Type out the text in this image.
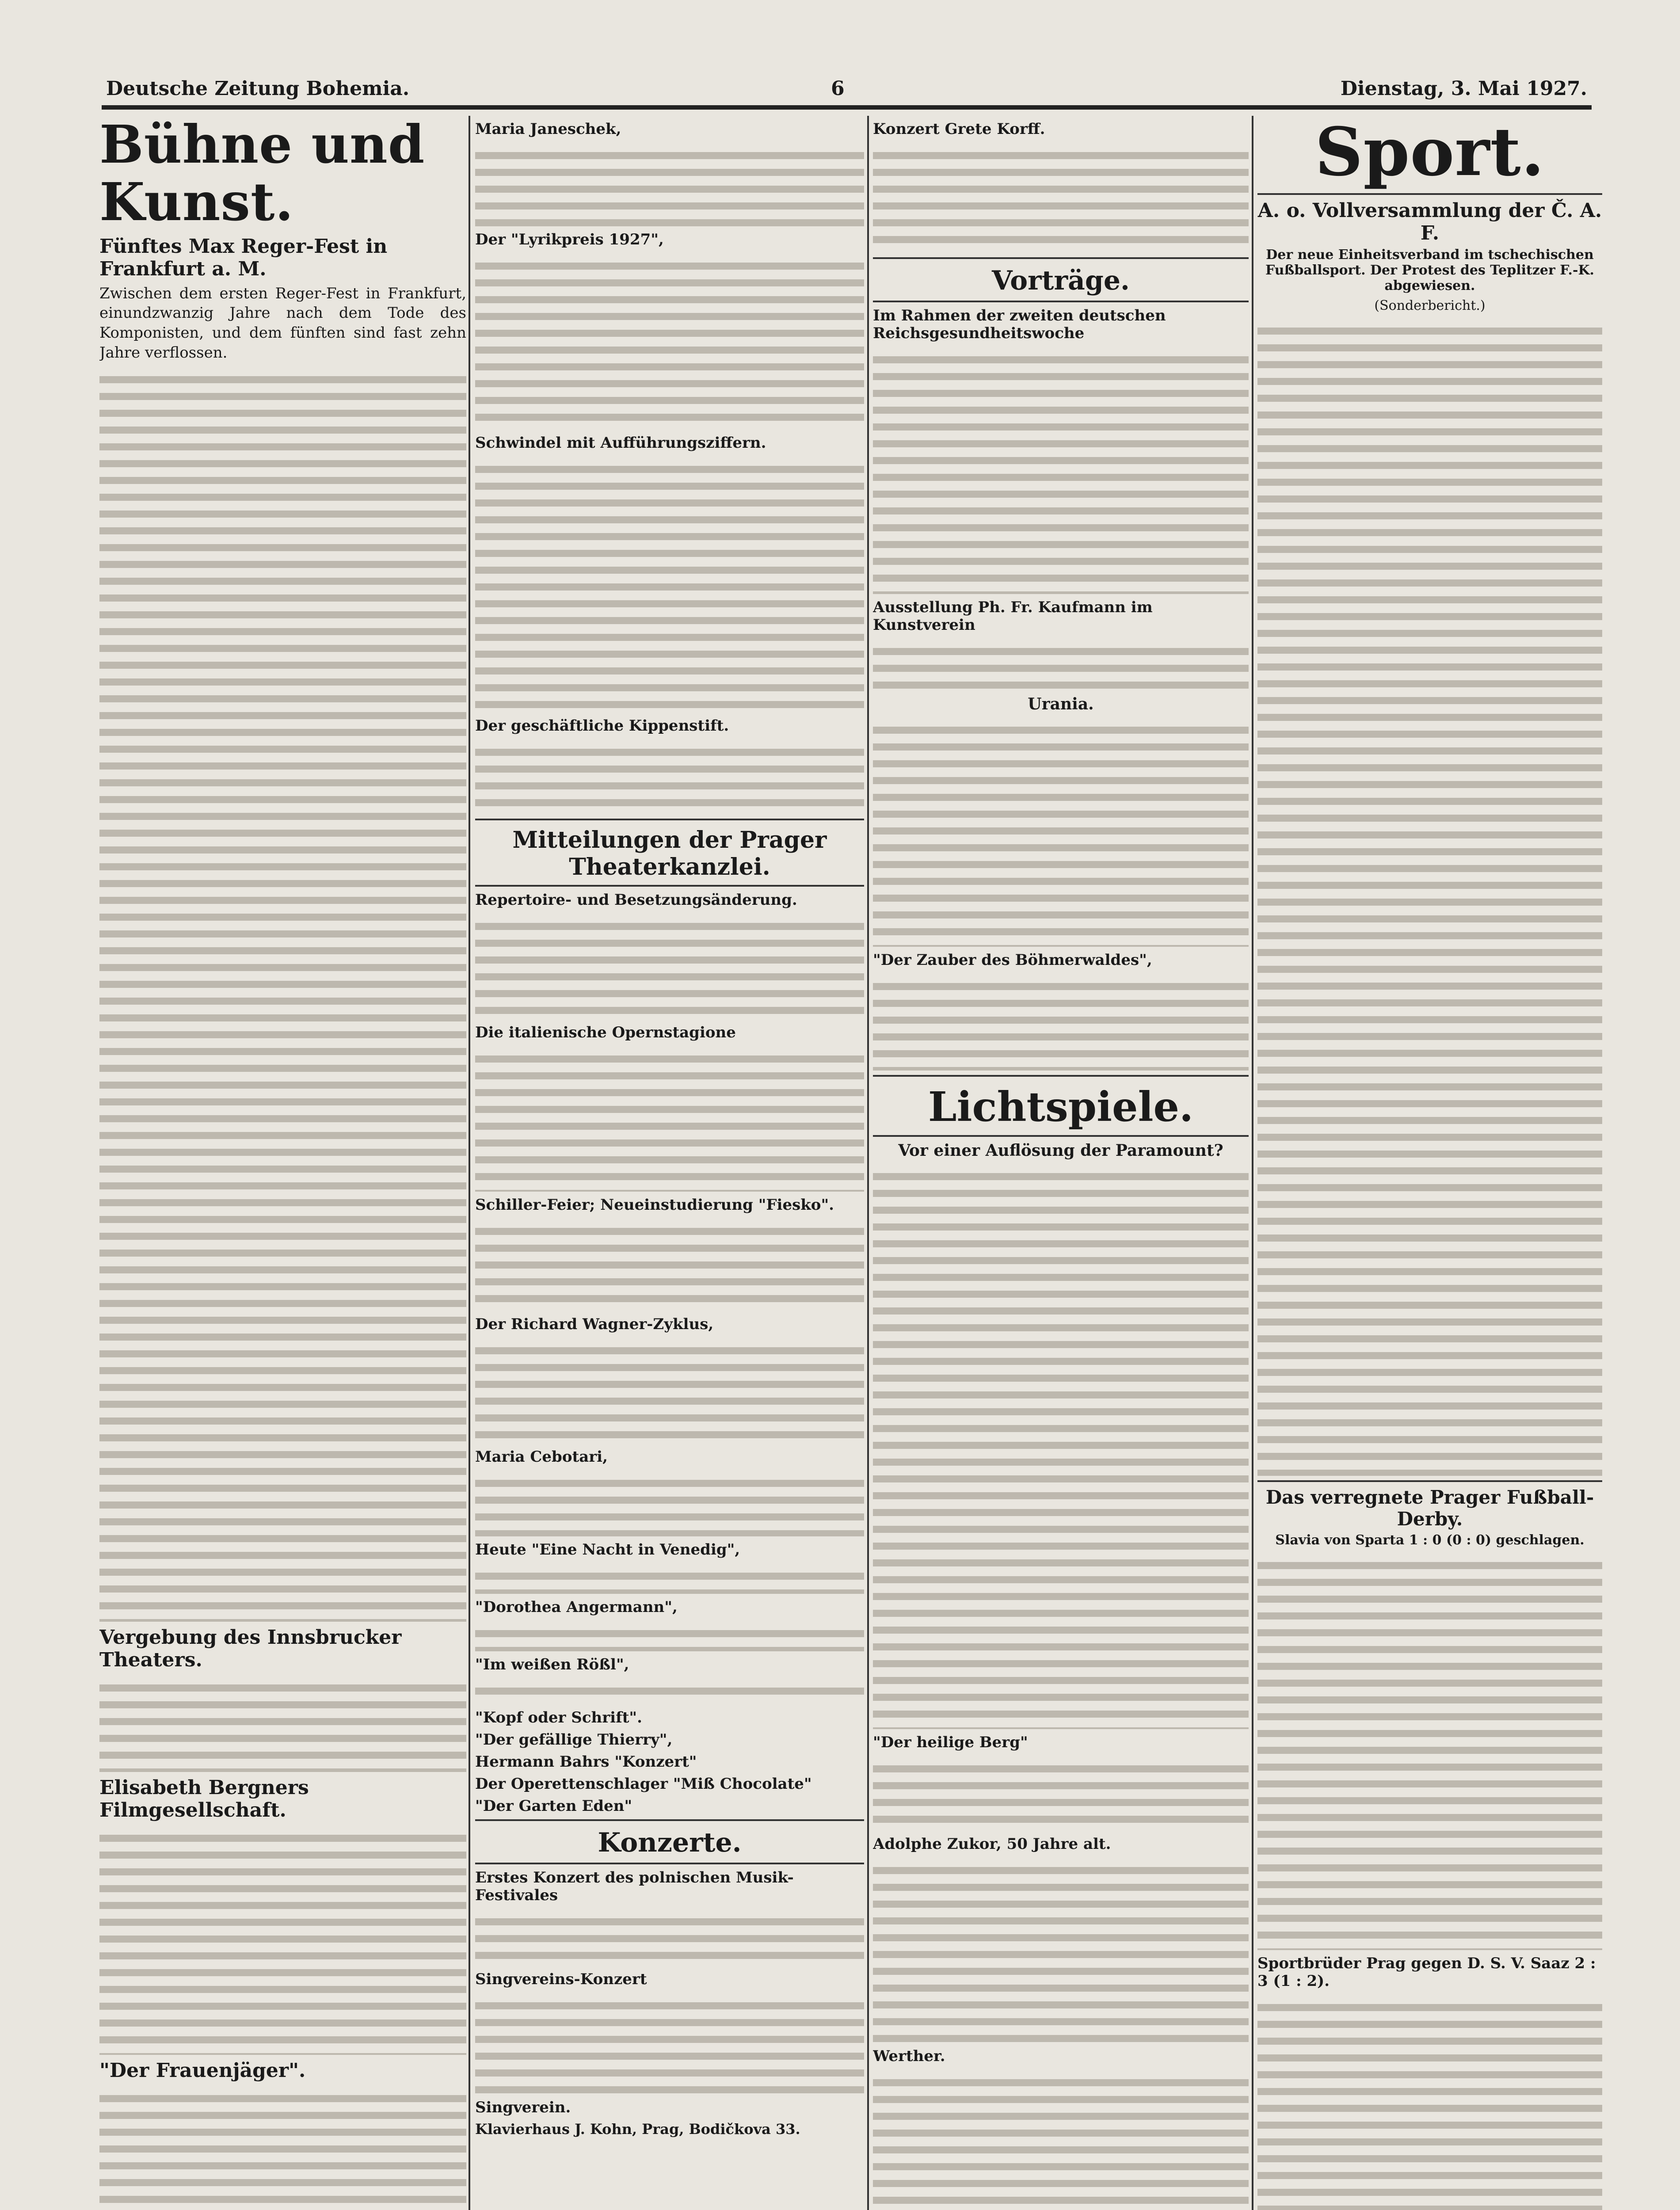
Deutsche Zeitung Bohemia.	6	Dienstag, 3. Mai 1927.
Bühne und Kunst.
Fünftes Max Reger-Fest in Frankfurt a. M.

Zwischen dem ersten Reger-Fest in Frankfurt, einundzwanzig Jahre nach dem Tode des Komponisten, und dem fünften sind fast zehn Jahre verflossen.

Vergebung des Innsbrucker Theaters.
Elisabeth Bergners Filmgesellschaft.
"Der Frauenjäger".
Maria Janeschek,
Der "Lyrikpreis 1927",
Schwindel mit Aufführungsziffern.
Der geschäftliche Kippenstift.
Mitteilungen der Prager Theaterkanzlei.
Repertoire- und Besetzungsänderung.
Die italienische Opernstagione
Schiller-Feier; Neueinstudierung "Fiesko".
Der Richard Wagner-Zyklus,
Maria Cebotari,
Heute "Eine Nacht in Venedig",
"Dorothea Angermann",
"Im weißen Rößl",
"Kopf oder Schrift".
"Der gefällige Thierry",
Hermann Bahrs "Konzert"
Der Operettenschlager "Miß Chocolate"
"Der Garten Eden"
Konzerte.
Erstes Konzert des polnischen Musik-Festivales
Singvereins-Konzert
Singverein.
Klavierhaus J. Kohn, Prag, Bodičkova 33.
Konzert Grete Korff.
Vorträge.
Im Rahmen der zweiten deutschen Reichsgesundheitswoche
Ausstellung Ph. Fr. Kaufmann im Kunstverein
Urania.
"Der Zauber des Böhmerwaldes",
Lichtspiele.
Vor einer Auflösung der Paramount?
"Der heilige Berg"
Adolphe Zukor, 50 Jahre alt.
Werther.
Sport.
A. o. Vollversammlung der Č. A. F.
Der neue Einheitsverband im tschechischen Fußballsport. Der Protest des Teplitzer F.-K. abgewiesen.
(Sonderbericht.)
Das verregnete Prager Fußball-Derby.
Slavia von Sparta 1 : 0 (0 : 0) geschlagen.
Sportbrüder Prag gegen D. S. V. Saaz 2 : 3 (1 : 2).
